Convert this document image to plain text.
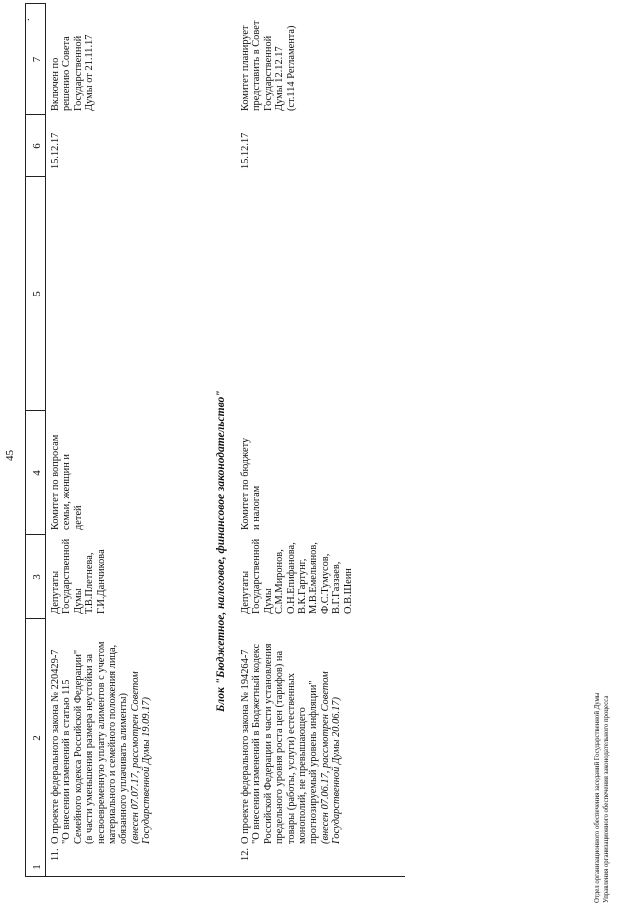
45
.
1
2
3
4
5
6
7
11.
О проекте федерального закона № 220429-7 "О внесении изменений в статью 115 Семейного кодекса Российской Федерации" (в части уменьшения размера неустойки за несвоевременную уплату алиментов с учетом материального и семейного положения лица, обязанного уплачивать алименты) (внесен 07.07.17, рассмотрен Советом Государственной Думы 19.09.17)
Депутаты Государственной Думы Т.В.Плетнева, Г.И.Данчикова
Комитет по вопросам семьи, женщин и детей
15.12.17
Включен по решению Совета Государственной Думы от 21.11.17
Блок "Бюджетное, налоговое, финансовое законодательство"
12.
О проекте федерального закона № 194264-7 "О внесении изменений в Бюджетный кодекс Российской Федерации в части установления предельного уровня роста цен (тарифов) на товары (работы, услуги) естественных монополий, не превышающего прогнозируемый уровень инфляции" (внесен 07.06.17, рассмотрен Советом Государственной Думы 20.06.17)
Депутаты Государственной Думы С.М.Миронов, О.Н.Епифанова, В.К.Гартунг, М.В.Емельянов, Ф.С.Тумусов, В.Г.Газзаев, О.В.Шеин
Комитет по бюджету и налогам
15.12.17
Комитет планирует представить в Совет Государственной Думы 12.12.17 (ст.114 Регламента)
Отдел организационного обеспечения заседаний Государственной Думы Управления организационного обеспечения законодательного процесса
